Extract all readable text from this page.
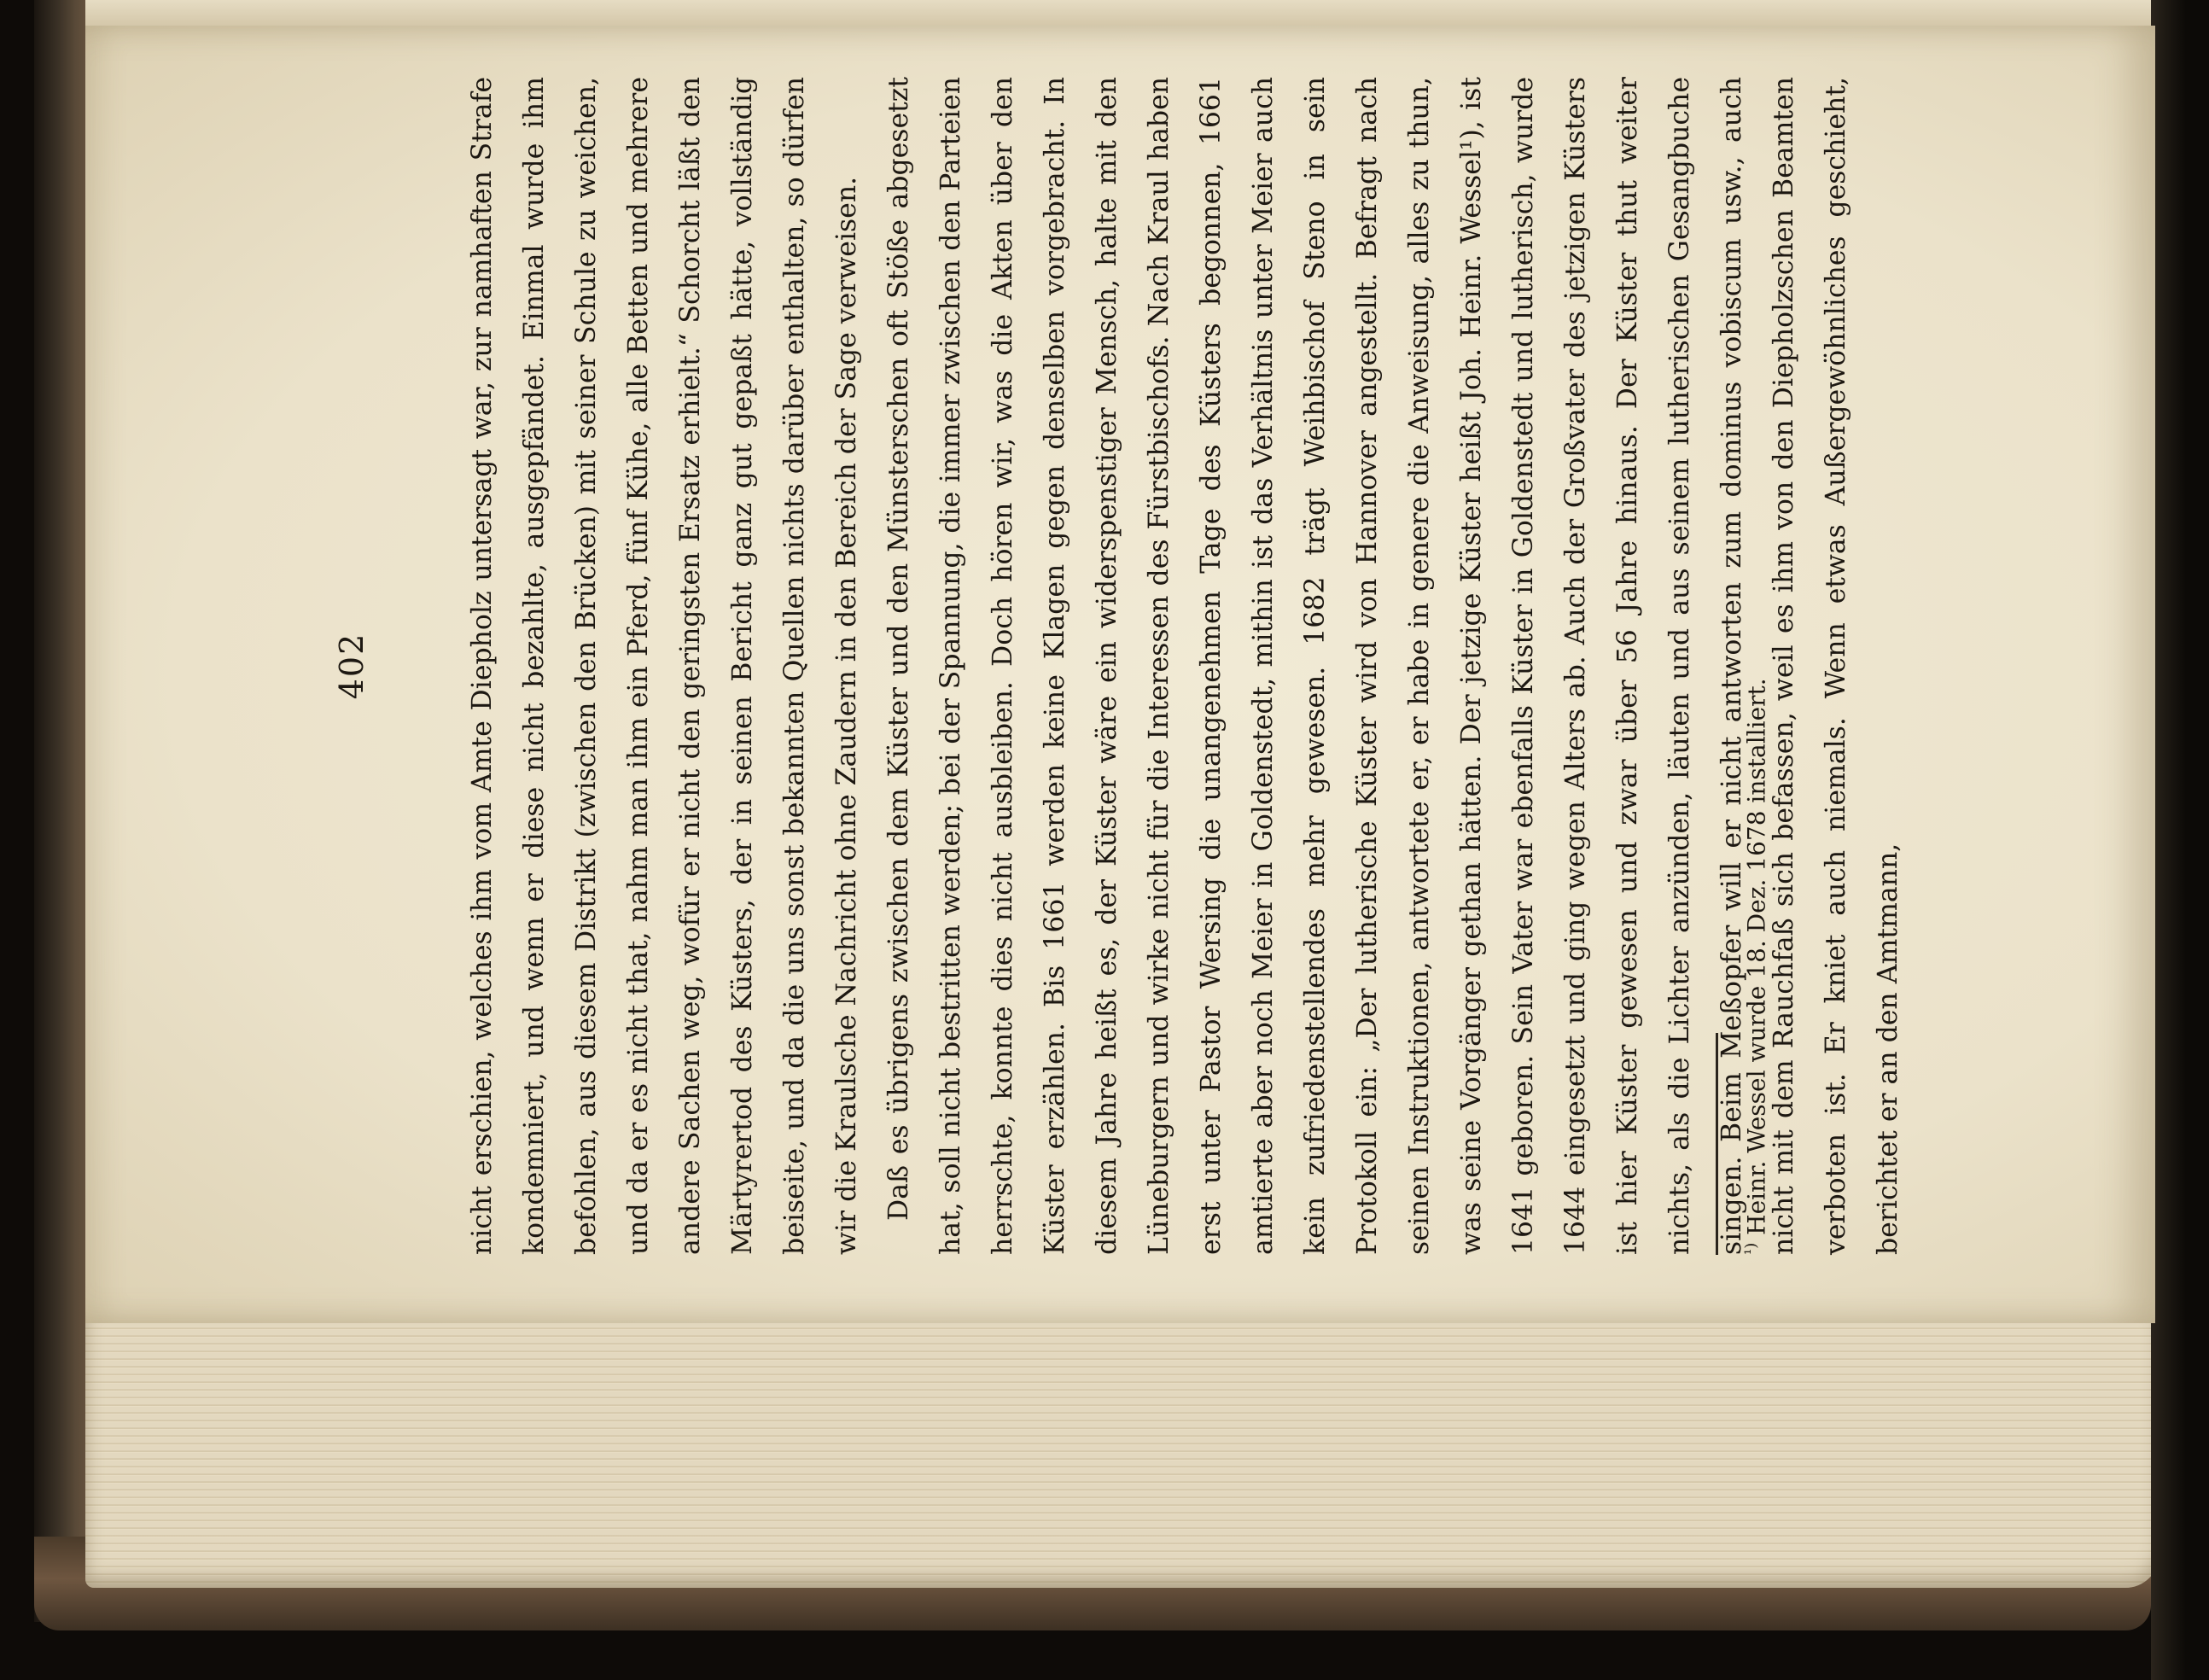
402	nicht erschien, welches ihm vom Amte Diepholz untersagt war, zur namhaften Strafe kondemniert, und wenn er diese nicht bezahlte, ausgepfändet. Einmal wurde ihm befohlen, aus diesem Distrikt (zwischen den Brücken) mit seiner Schule zu weichen, und da er es nicht that, nahm man ihm ein Pferd, fünf Kühe, alle Betten und mehrere andere Sachen weg, wofür er nicht den geringsten Ersatz erhielt.“ Schorcht läßt den Märtyrertod des Küsters, der in seinen Bericht ganz gut gepaßt hätte, vollständig beiseite, und da die uns sonst bekannten Quellen nichts darüber enthalten, so dürfen wir die Kraulsche Nachricht ohne Zaudern in den Bereich der Sage verweisen. Daß es übrigens zwischen dem Küster und den Münsterschen oft Stöße abgesetzt hat, soll nicht bestritten werden; bei der Spannung, die immer zwischen den Parteien herrschte, konnte dies nicht ausbleiben. Doch hören wir, was die Akten über den Küster erzählen. Bis 1661 werden keine Klagen gegen denselben vorgebracht. In diesem Jahre heißt es, der Küster wäre ein widerspenstiger Mensch, halte mit den Lüneburgern und wirke nicht für die Interessen des Fürstbischofs. Nach Kraul haben erst unter Pastor Wersing die unangenehmen Tage des Küsters begonnen, 1661 amtierte aber noch Meier in Goldenstedt, mithin ist das Verhältnis unter Meier auch kein zufriedenstellendes mehr gewesen. 1682 trägt Weihbischof Steno in sein Protokoll ein: „Der lutherische Küster wird von Hannover angestellt. Befragt nach seinen Instruktionen, antwortete er, er habe in genere die Anweisung, alles zu thun, was seine Vorgänger gethan hätten. Der jetzige Küster heißt Joh. Heinr. Wessel¹), ist 1641 geboren. Sein Vater war ebenfalls Küster in Goldenstedt und lutherisch, wurde 1644 eingesetzt und ging wegen Alters ab. Auch der Großvater des jetzigen Küsters ist hier Küster gewesen und zwar über 56 Jahre hinaus. Der Küster thut weiter nichts, als die Lichter anzünden, läuten und aus seinem lutherischen Gesangbuche singen. Beim Meßopfer will er nicht antworten zum dominus vobiscum usw., auch nicht mit dem Rauchfaß sich befassen, weil es ihm von den Diepholzschen Beamten verboten ist. Er kniet auch niemals. Wenn etwas Außergewöhnliches geschieht, berichtet er an den Amtmann,

$^{^1)}$ Heinr. Wessel wurde 18. Dez. 1678 installiert.
